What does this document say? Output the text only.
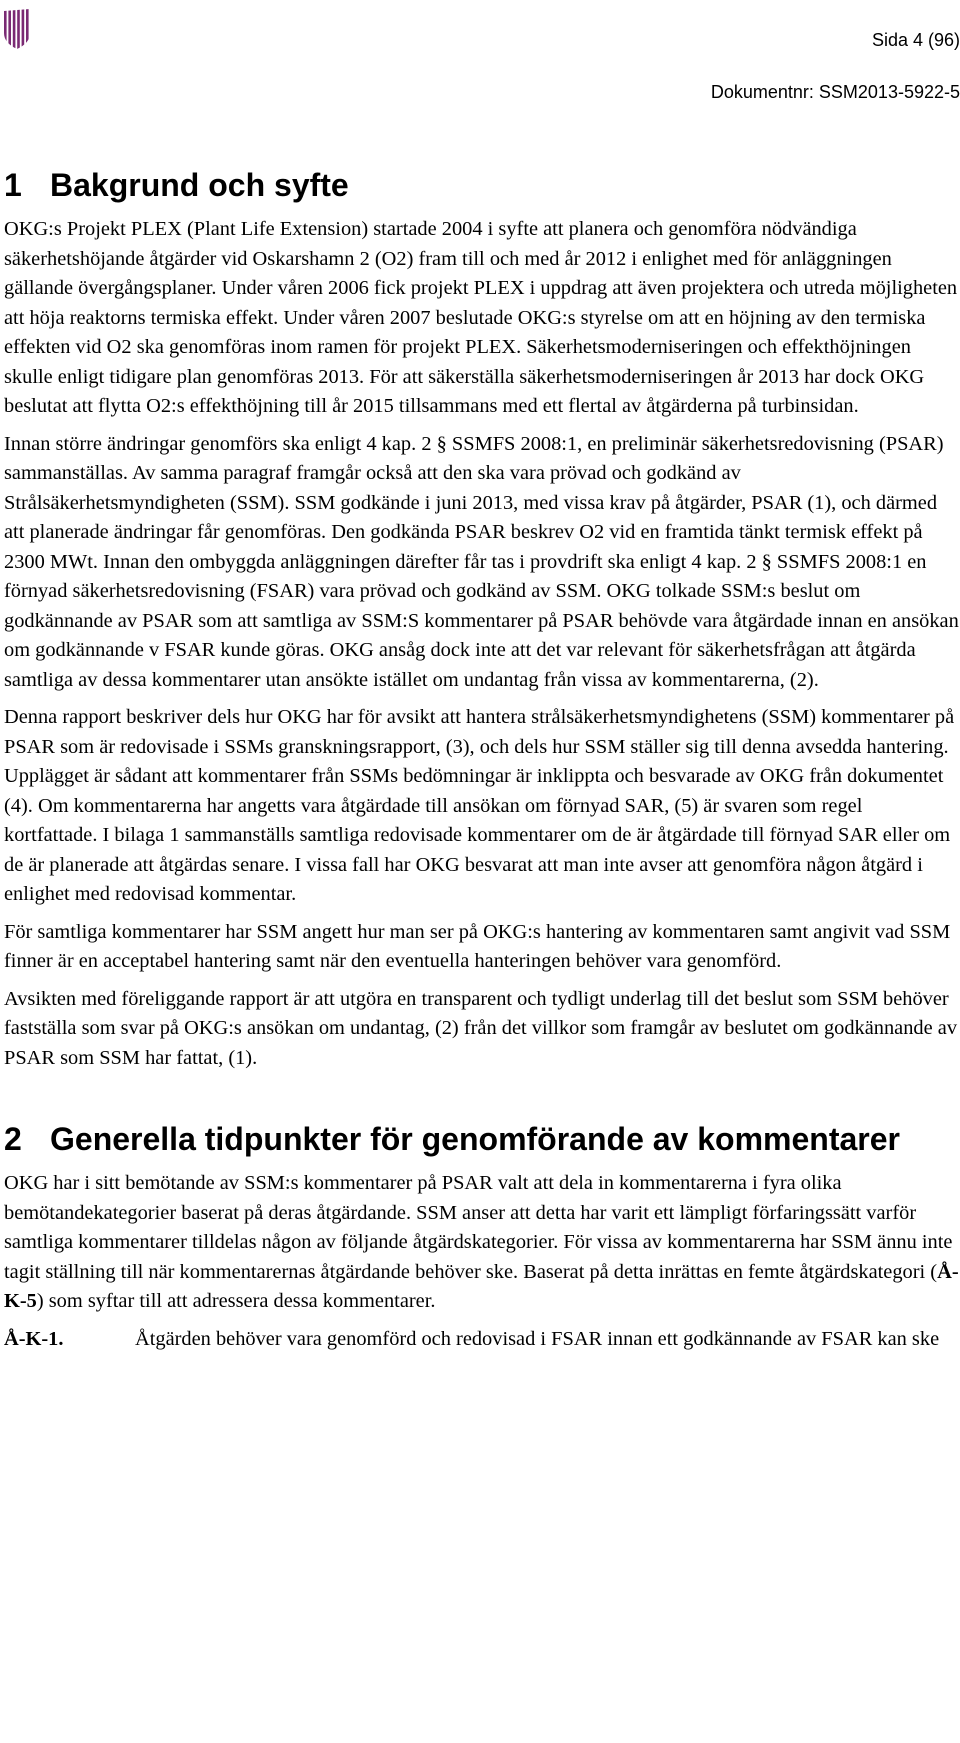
Sida 4 (96)
Dokumentnr: SSM2013-5922-5
1 Bakgrund och syfte

OKG:s Projekt PLEX (Plant Life Extension) startade 2004 i syfte att planera och genomföra nödvändiga säkerhetshöjande åtgärder vid Oskarshamn 2 (O2) fram till och med år 2012 i enlighet med för anläggningen gällande övergångsplaner. Under våren 2006 fick projekt PLEX i uppdrag att även projektera och utreda möjligheten att höja reaktorns termiska effekt. Under våren 2007 beslutade OKG:s styrelse om att en höjning av den termiska effekten vid O2 ska genomföras inom ramen för projekt PLEX. Säkerhetsmoderniseringen och effekthöjningen skulle enligt tidigare plan genomföras 2013. För att säkerställa säkerhetsmoderniseringen år 2013 har dock OKG beslutat att flytta O2:s effekthöjning till år 2015 tillsammans med ett flertal av åtgärderna på turbinsidan.

Innan större ändringar genomförs ska enligt 4 kap. 2 § SSMFS 2008:1, en preliminär säkerhetsredovisning (PSAR) sammanställas. Av samma paragraf framgår också att den ska vara prövad och godkänd av Strålsäkerhetsmyndigheten (SSM). SSM godkände i juni 2013, med vissa krav på åtgärder, PSAR (1), och därmed att planerade ändringar får genomföras. Den godkända PSAR beskrev O2 vid en framtida tänkt termisk effekt på 2300 MWt. Innan den ombyggda anläggningen därefter får tas i provdrift ska enligt 4 kap. 2 § SSMFS 2008:1 en förnyad säkerhetsredovisning (FSAR) vara prövad och godkänd av SSM. OKG tolkade SSM:s beslut om godkännande av PSAR som att samtliga av SSM:S kommentarer på PSAR behövde vara åtgärdade innan en ansökan om godkännande v FSAR kunde göras. OKG ansåg dock inte att det var relevant för säkerhetsfrågan att åtgärda samtliga av dessa kommentarer utan ansökte istället om undantag från vissa av kommentarerna, (2).

Denna rapport beskriver dels hur OKG har för avsikt att hantera strålsäkerhetsmyndighetens (SSM) kommentarer på PSAR som är redovisade i SSMs granskningsrapport, (3), och dels hur SSM ställer sig till denna avsedda hantering. Upplägget är sådant att kommentarer från SSMs bedömningar är inklippta och besvarade av OKG från dokumentet (4). Om kommentarerna har angetts vara åtgärdade till ansökan om förnyad SAR, (5) är svaren som regel kortfattade. I bilaga 1 sammanställs samtliga redovisade kommentarer om de är åtgärdade till förnyad SAR eller om de är planerade att åtgärdas senare. I vissa fall har OKG besvarat att man inte avser att genomföra någon åtgärd i enlighet med redovisad kommentar.

För samtliga kommentarer har SSM angett hur man ser på OKG:s hantering av kommentaren samt angivit vad SSM finner är en acceptabel hantering samt när den eventuella hanteringen behöver vara genomförd.

Avsikten med föreliggande rapport är att utgöra en transparent och tydligt underlag till det beslut som SSM behöver fastställa som svar på OKG:s ansökan om undantag, (2) från det villkor som framgår av beslutet om godkännande av PSAR som SSM har fattat, (1).

2 Generella tidpunkter för genomförande av kommentarer

OKG har i sitt bemötande av SSM:s kommentarer på PSAR valt att dela in kommentarerna i fyra olika bemötandekategorier baserat på deras åtgärdande. SSM anser att detta har varit ett lämpligt förfaringssätt varför samtliga kommentarer tilldelas någon av följande åtgärdskategorier. För vissa av kommentarerna har SSM ännu inte tagit ställning till när kommentarernas åtgärdande behöver ske. Baserat på detta inrättas en femte åtgärdskategori (Å-K-5) som syftar till att adressera dessa kommentarer.

Å-K-1.	Åtgärden behöver vara genomförd och redovisad i FSAR innan ett godkännande av FSAR kan ske
